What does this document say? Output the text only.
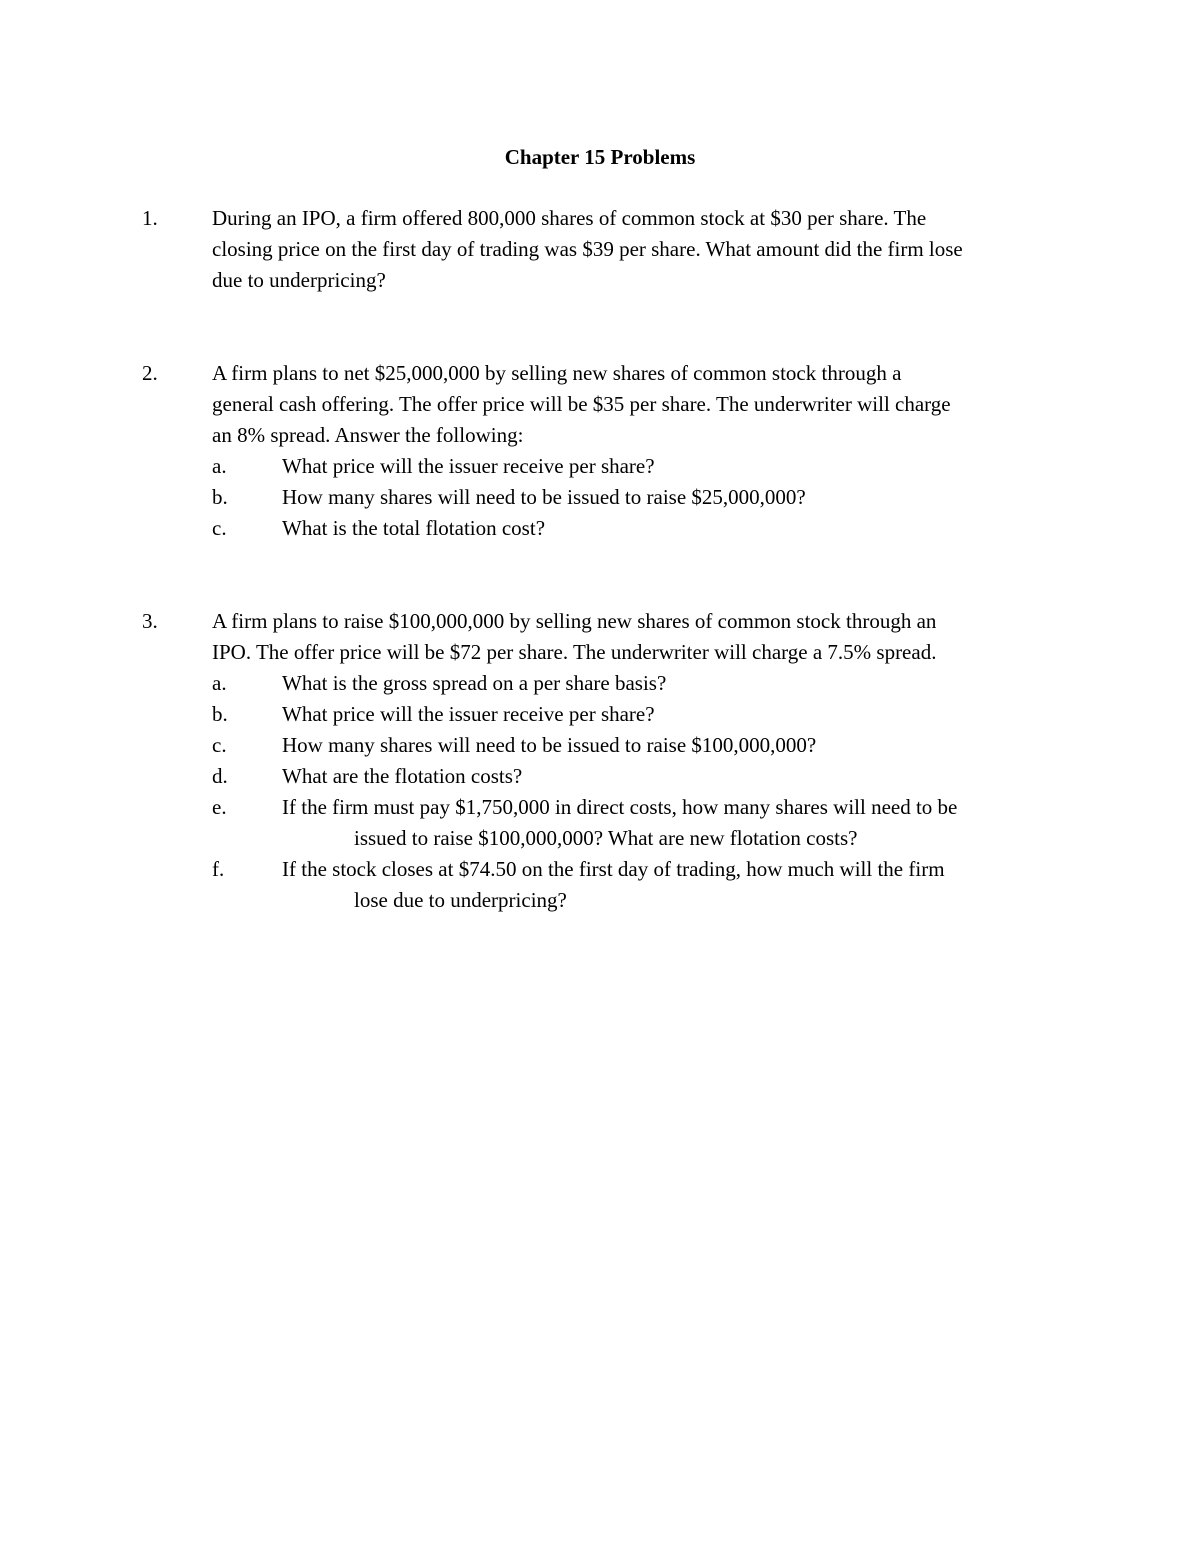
Chapter 15 Problems
1.	During an IPO, a firm offered 800,000 shares of common stock at $30 per share. The
closing price on the first day of trading was $39 per share. What amount did the firm lose
due to underpricing?
2.	A firm plans to net $25,000,000 by selling new shares of common stock through a
general cash offering. The offer price will be $35 per share. The underwriter will charge
an 8% spread. Answer the following:
a.	What price will the issuer receive per share?
b.	How many shares will need to be issued to raise $25,000,000?
c.	What is the total flotation cost?
3.	A firm plans to raise $100,000,000 by selling new shares of common stock through an
IPO. The offer price will be $72 per share. The underwriter will charge a 7.5% spread.
a.	What is the gross spread on a per share basis?
b.	What price will the issuer receive per share?
c.	How many shares will need to be issued to raise $100,000,000?
d.	What are the flotation costs?
e.	If the firm must pay $1,750,000 in direct costs, how many shares will need to be
issued to raise $100,000,000? What are new flotation costs?
f.	If the stock closes at $74.50 on the first day of trading, how much will the firm
lose due to underpricing?
